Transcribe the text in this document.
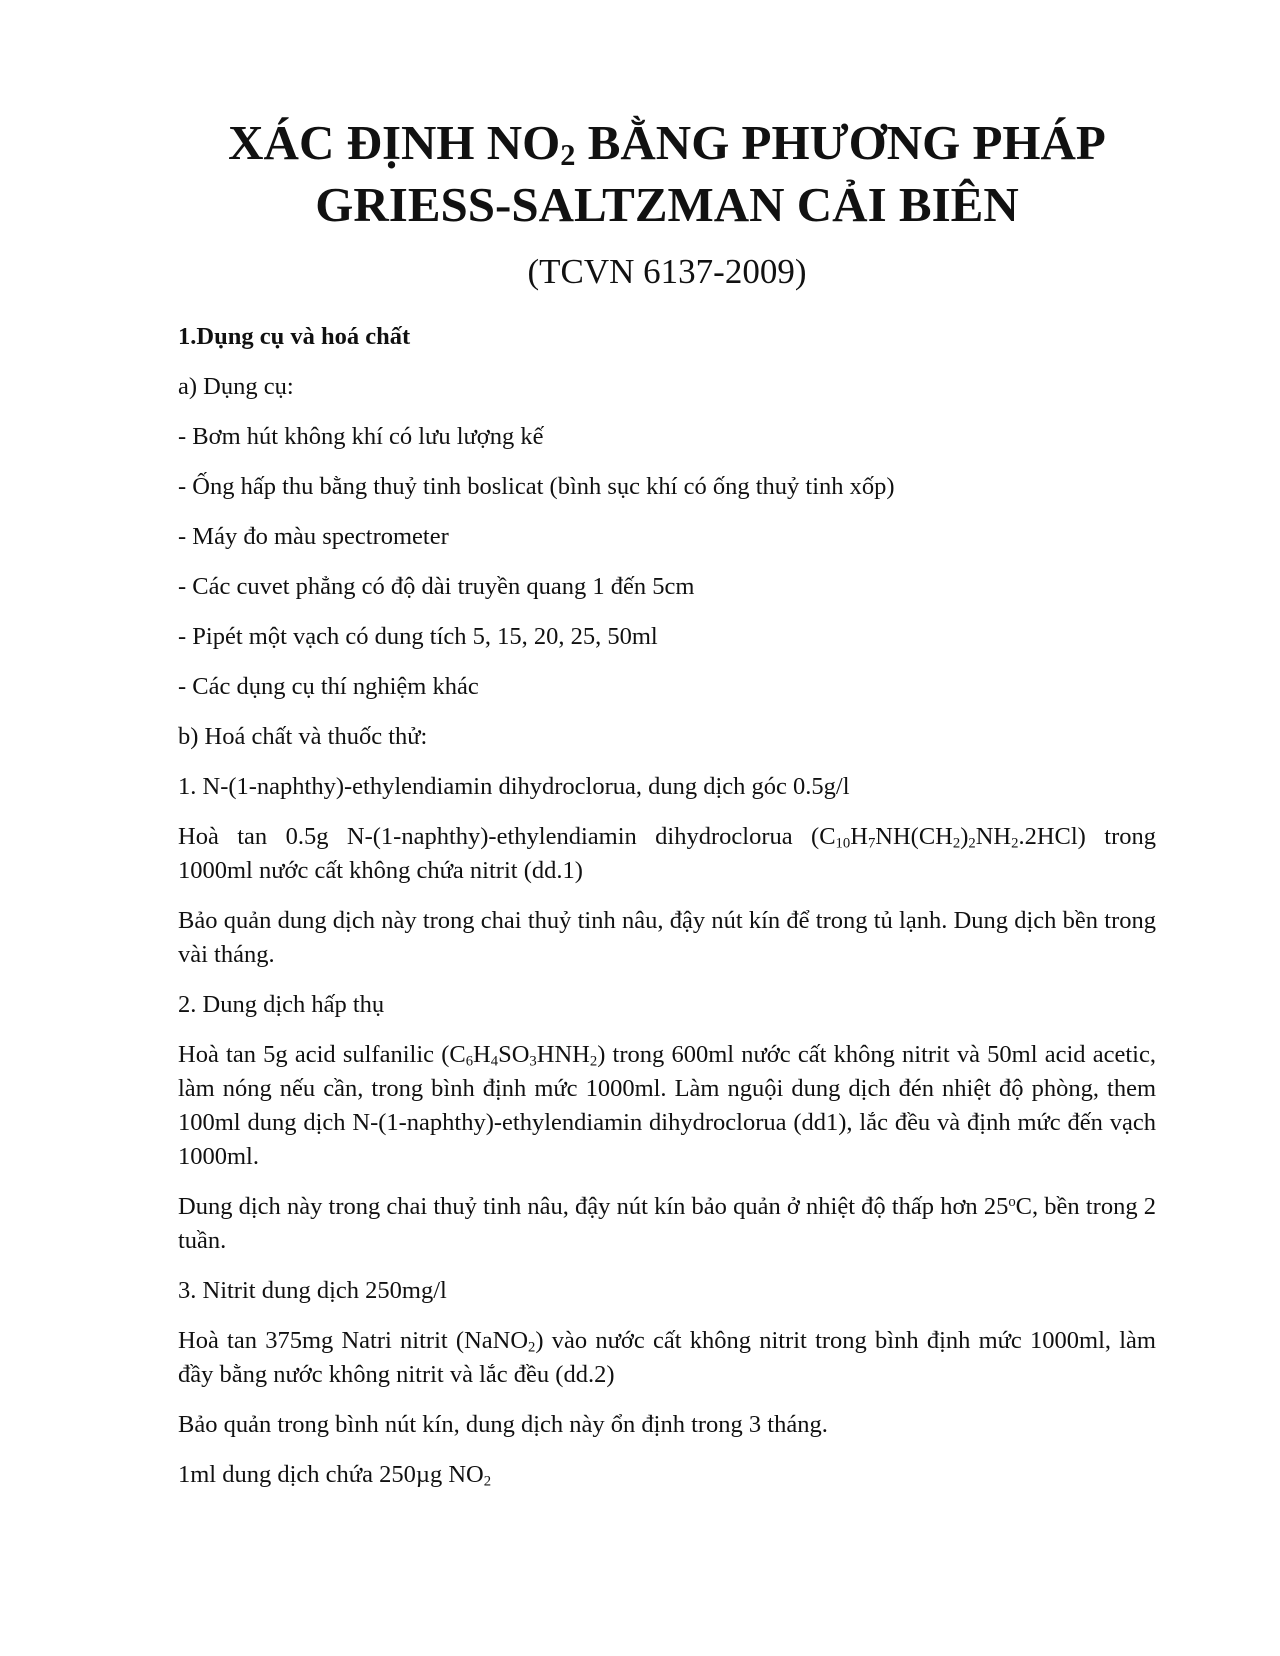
XÁC ĐỊNH $NO_2$ BẰNG PHƯƠNG PHÁP
GRIESS-SALTZMAN CẢI BIÊN
(TCVN 6137-2009)

1.Dụng cụ và hoá chất

a) Dụng cụ:

- Bơm hút không khí có lưu lượng kế

- Ống hấp thu bằng thuỷ tinh boslicat (bình sục khí có ống thuỷ tinh xốp)

- Máy đo màu spectrometer

- Các cuvet phẳng có độ dài truyền quang 1 đến 5cm

- Pipét một vạch có dung tích 5, 15, 20, 25, 50ml

- Các dụng cụ thí nghiệm khác

b) Hoá chất và thuốc thử:

1. N-(1-naphthy)-ethylendiamin dihydroclorua, dung dịch góc 0.5g/l

Hoà tan 0.5g N-(1-naphthy)-ethylendiamin dihydroclorua $(C_{10}H_7NH(CH_2)_2NH_2.2HCl)$ trong 1000ml nước cất không chứa nitrit (dd.1)

Bảo quản dung dịch này trong chai thuỷ tinh nâu, đậy nút kín để trong tủ lạnh. Dung dịch bền trong vài tháng.

2. Dung dịch hấp thụ

Hoà tan 5g acid sulfanilic $(C_6H_4SO_3HNH_2)$ trong 600ml nước cất không nitrit và 50ml acid acetic, làm nóng nếu cần, trong bình định mức 1000ml. Làm nguội dung dịch đén nhiệt độ phòng, them 100ml dung dịch N-(1-naphthy)-ethylendiamin dihydroclorua (dd1), lắc đều và định mức đến vạch 1000ml.

Dung dịch này trong chai thuỷ tinh nâu, đậy nút kín bảo quản ở nhiệt độ thấp hơn 25$^o$C, bền trong 2 tuần.

3. Nitrit dung dịch 250mg/l

Hoà tan 375mg Natri nitrit (NaNO$_2$) vào nước cất không nitrit trong bình định mức 1000ml, làm đầy bằng nước không nitrit và lắc đều (dd.2)

Bảo quản trong bình nút kín, dung dịch này ổn định trong 3 tháng.

1ml dung dịch chứa 250µg $NO_2$
